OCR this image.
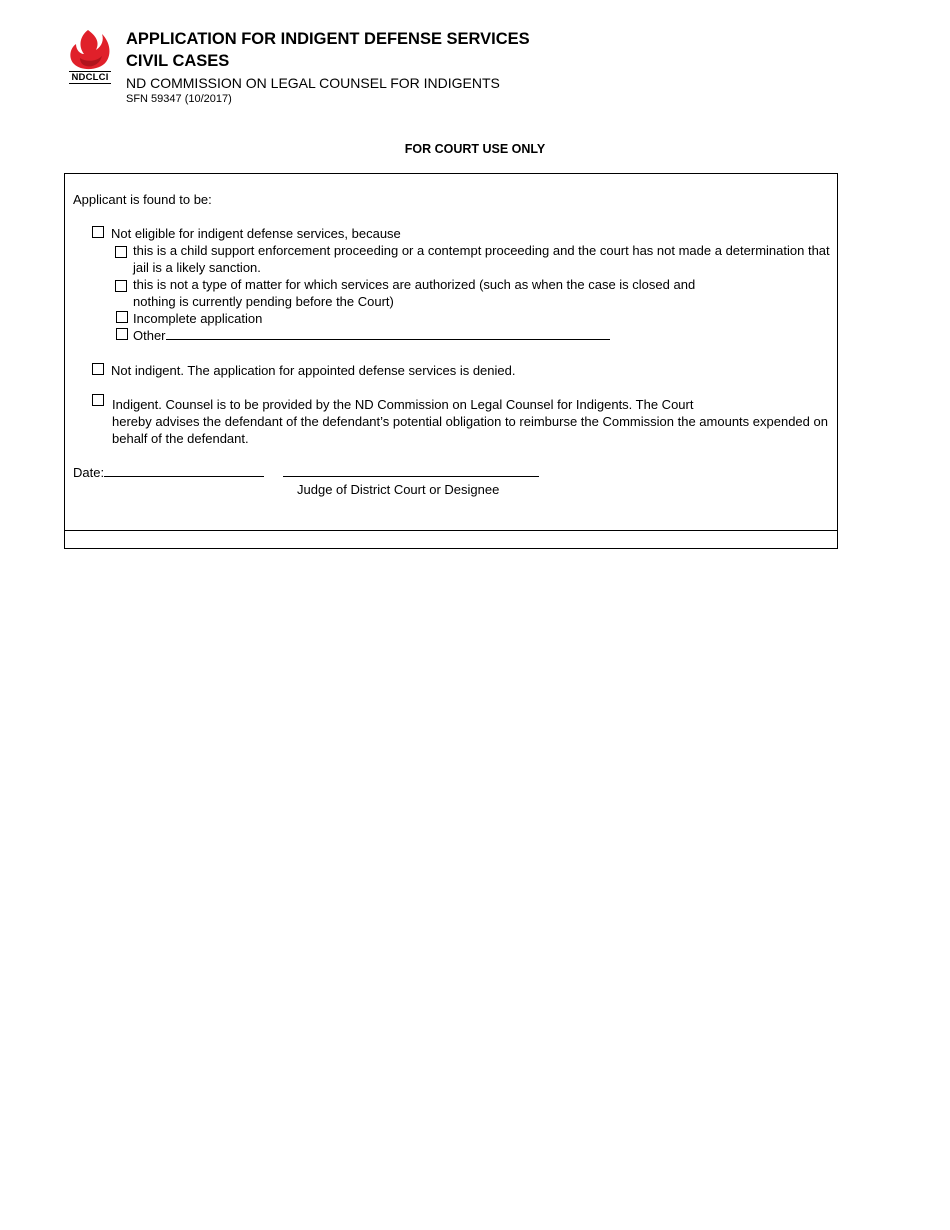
NDCLCI
APPLICATION FOR INDIGENT DEFENSE SERVICES
CIVIL CASES
ND COMMISSION ON LEGAL COUNSEL FOR INDIGENTS
SFN 59347 (10/2017)
FOR COURT USE ONLY
Applicant is found to be:
Not eligible for indigent defense services, because
this is a child support enforcement proceeding or a contempt proceeding and the court has not made a determination that
jail is a likely sanction.
this is not a type of matter for which services are authorized (such as when the case is closed and
nothing is currently pending before the Court)
Incomplete application
Other
Not indigent. The application for appointed defense services is denied.
Indigent. Counsel is to be provided by the ND Commission on Legal Counsel for Indigents. The Court
hereby advises the defendant of the defendant’s potential obligation to reimburse the Commission the amounts expended on
behalf of the defendant.
Date:
Judge of District Court or Designee
